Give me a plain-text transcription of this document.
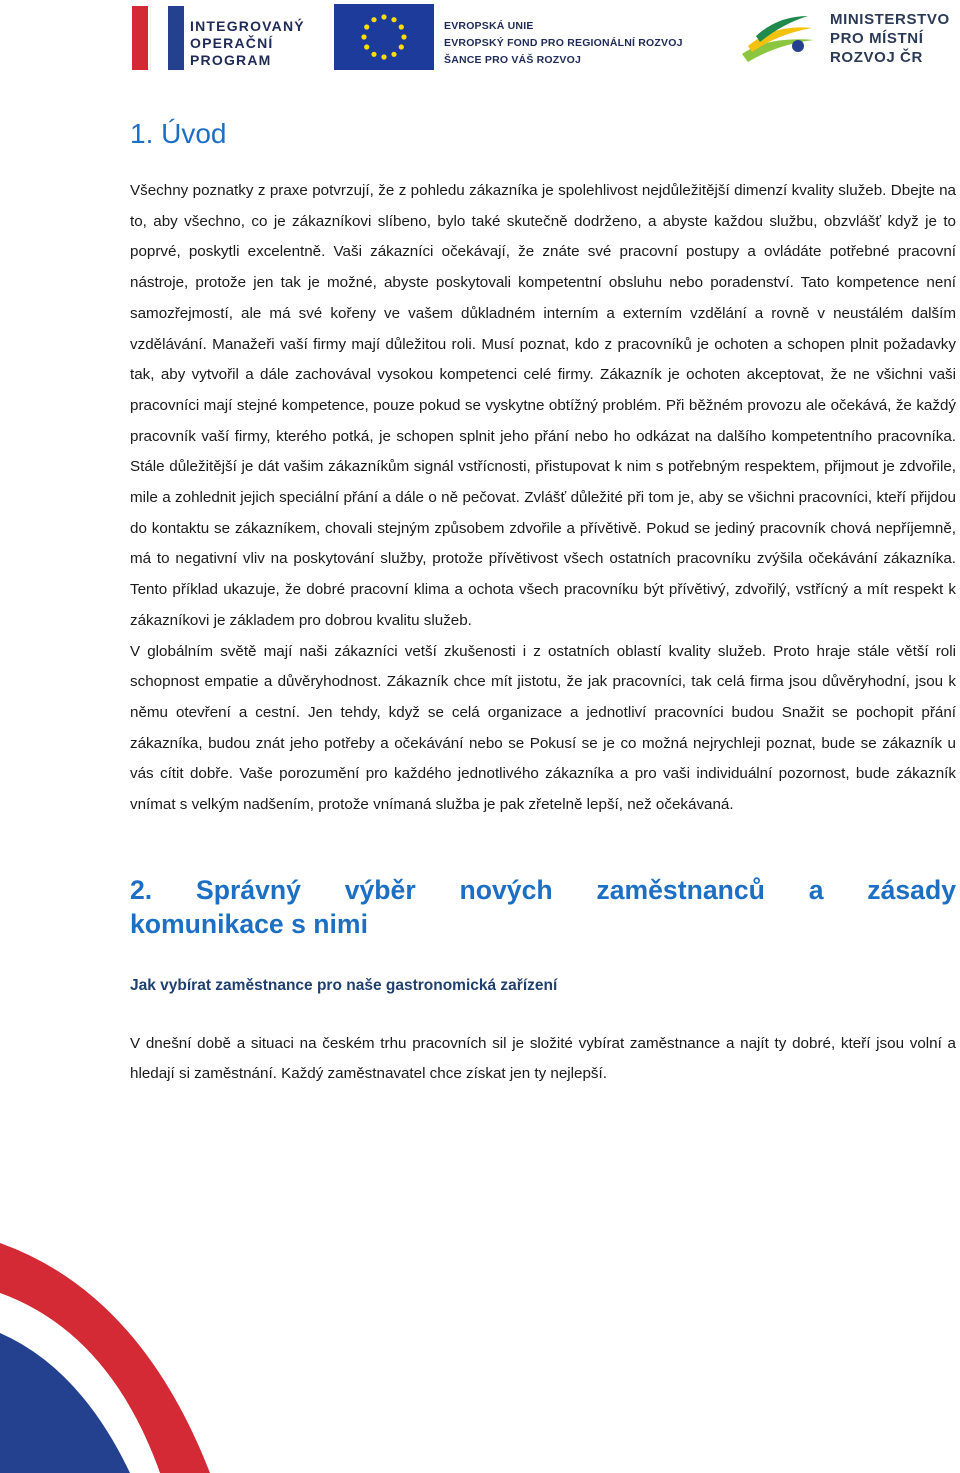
INTEGROVANÝ
OPERAČNÍ
PROGRAM
EVROPSKÁ UNIE
EVROPSKÝ FOND PRO REGIONÁLNÍ ROZVOJ
ŠANCE PRO VÁŠ ROZVOJ
MINISTERSTVO
PRO MÍSTNÍ
ROZVOJ ČR
1. Úvod

Všechny poznatky z praxe potvrzují, že z pohledu zákazníka je spolehlivost nejdůležitější dimenzí kvality služeb. Dbejte na to, aby všechno, co je zákazníkovi slíbeno, bylo také skutečně dodrženo, a abyste každou službu, obzvlášť když je to poprvé, poskytli excelentně. Vaši zákazníci očekávají, že znáte své pracovní postupy a ovládáte potřebné pracovní nástroje, protože jen tak je možné, abyste poskytovali kompetentní obsluhu nebo poradenství. Tato kompetence není samozřejmostí, ale má své kořeny ve vašem důkladném interním a externím vzdělání a rovně v neustálém dalším vzdělávání. Manažeři vaší firmy mají důležitou roli. Musí poznat, kdo z pracovníků je ochoten a schopen plnit požadavky tak, aby vytvořil a dále zachovával vysokou kompetenci celé firmy. Zákazník je ochoten akceptovat, že ne všichni vaši pracovníci mají stejné kompetence, pouze pokud se vyskytne obtížný problém. Při běžném provozu ale očekává, že každý pracovník vaší firmy, kterého potká, je schopen splnit jeho přání nebo ho odkázat na dalšího kompetentního pracovníka. Stále důležitější je dát vašim zákazníkům signál vstřícnosti, přistupovat k nim s potřebným respektem, přijmout je zdvořile, mile a zohlednit jejich speciální přání a dále o ně pečovat. Zvlášť důležité při tom je, aby se všichni pracovníci, kteří přijdou do kontaktu se zákazníkem, chovali stejným způsobem zdvořile a přívětivě. Pokud se jediný pracovník chová nepříjemně, má to negativní vliv na poskytování služby, protože přívětivost všech ostatních pracovníku zvýšila očekávání zákazníka. Tento příklad ukazuje, že dobré pracovní klima a ochota všech pracovníku být přívětivý, zdvořilý, vstřícný a mít respekt k zákazníkovi je základem pro dobrou kvalitu služeb.

V globálním světě mají naši zákazníci vetší zkušenosti i z ostatních oblastí kvality služeb. Proto hraje stále větší roli schopnost empatie a důvěryhodnost. Zákazník chce mít jistotu, že jak pracovníci, tak celá firma jsou důvěryhodní, jsou k němu otevření a cestní. Jen tehdy, když se celá organizace a jednotliví pracovníci budou Snažit se pochopit přání zákazníka, budou znát jeho potřeby a očekávání nebo se Pokusí se je co možná nejrychleji poznat, bude se zákazník u vás cítit dobře. Vaše porozumění pro každého jednotlivého zákazníka a pro vaši individuální pozornost, bude zákazník vnímat s velkým nadšením, protože vnímaná služba je pak zřetelně lepší, než očekávaná.

2. Správný výběr nových zaměstnanců a zásady
komunikace s nimi
Jak vybírat zaměstnance pro naše gastronomická zařízení

V dnešní době a situaci na českém trhu pracovních sil je složité vybírat zaměstnance a najít ty dobré, kteří jsou volní a hledají si zaměstnání. Každý zaměstnavatel chce získat jen ty nejlepší.
